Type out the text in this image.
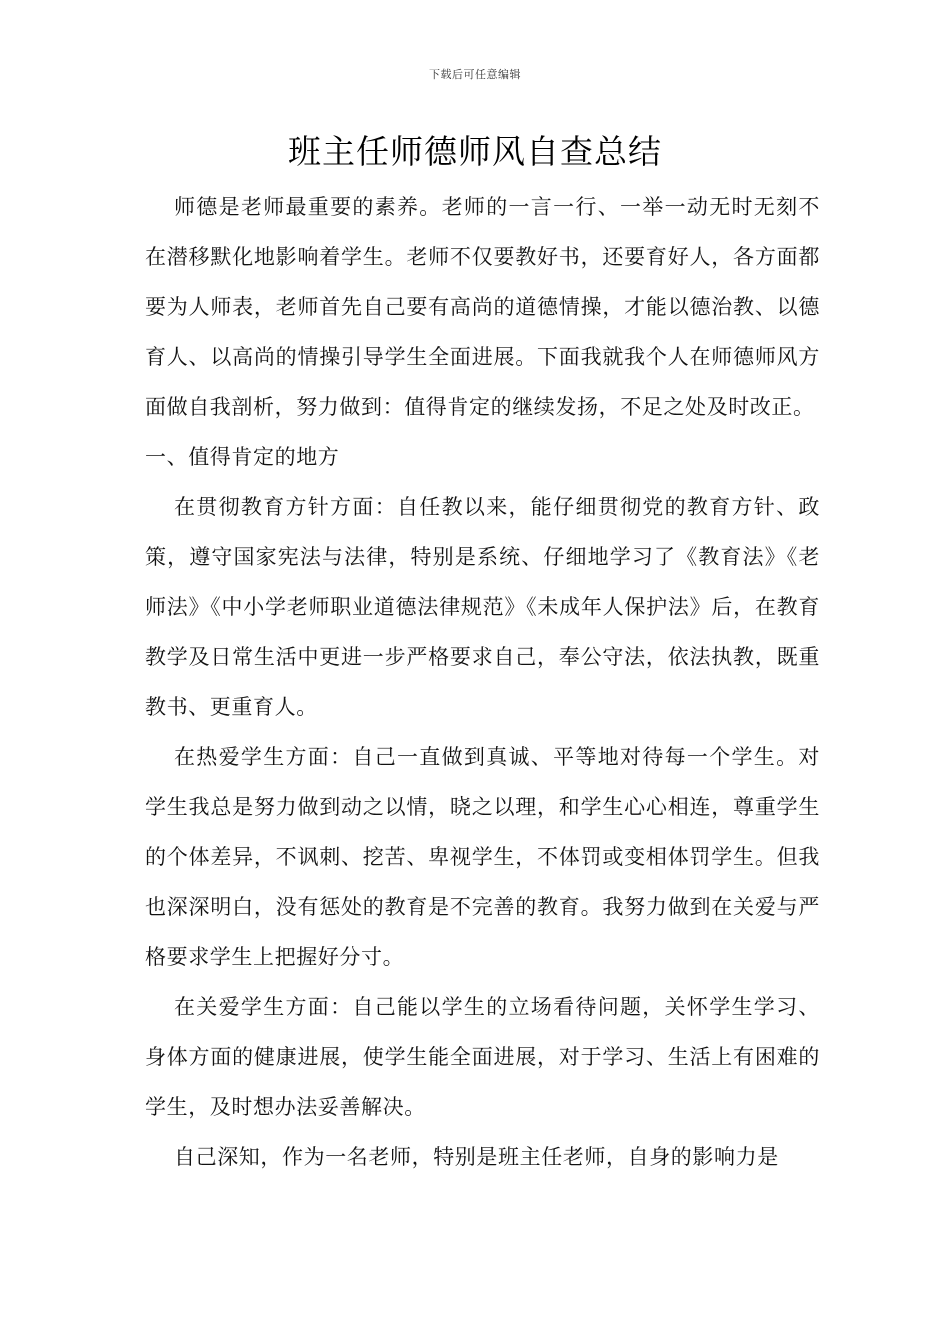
下载后可任意编辑
班主任师德师风自查总结

师德是老师最重要的素养。老师的一言一行、一举一动无时无刻不在潜移默化地影响着学生。老师不仅要教好书，还要育好人，各方面都要为人师表，老师首先自己要有高尚的道德情操，才能以德治教、以德育人、以高尚的情操引导学生全面进展。下面我就我个人在师德师风方面做自我剖析，努力做到：值得肯定的继续发扬，不足之处及时改正。

一、值得肯定的地方

在贯彻教育方针方面：自任教以来，能仔细贯彻党的教育方针、政策，遵守国家宪法与法律，特别是系统、仔细地学习了《教育法》《老师法》《中小学老师职业道德法律规范》《未成年人保护法》后，在教育教学及日常生活中更进一步严格要求自己，奉公守法，依法执教，既重教书、更重育人。

在热爱学生方面：自己一直做到真诚、平等地对待每一个学生。对学生我总是努力做到动之以情，晓之以理，和学生心心相连，尊重学生的个体差异，不讽刺、挖苦、卑视学生，不体罚或变相体罚学生。但我也深深明白，没有惩处的教育是不完善的教育。我努力做到在关爱与严格要求学生上把握好分寸。

在关爱学生方面：自己能以学生的立场看待问题，关怀学生学习、身体方面的健康进展，使学生能全面进展，对于学习、生活上有困难的学生，及时想办法妥善解决。

自己深知，作为一名老师，特别是班主任老师，自身的影响力是
